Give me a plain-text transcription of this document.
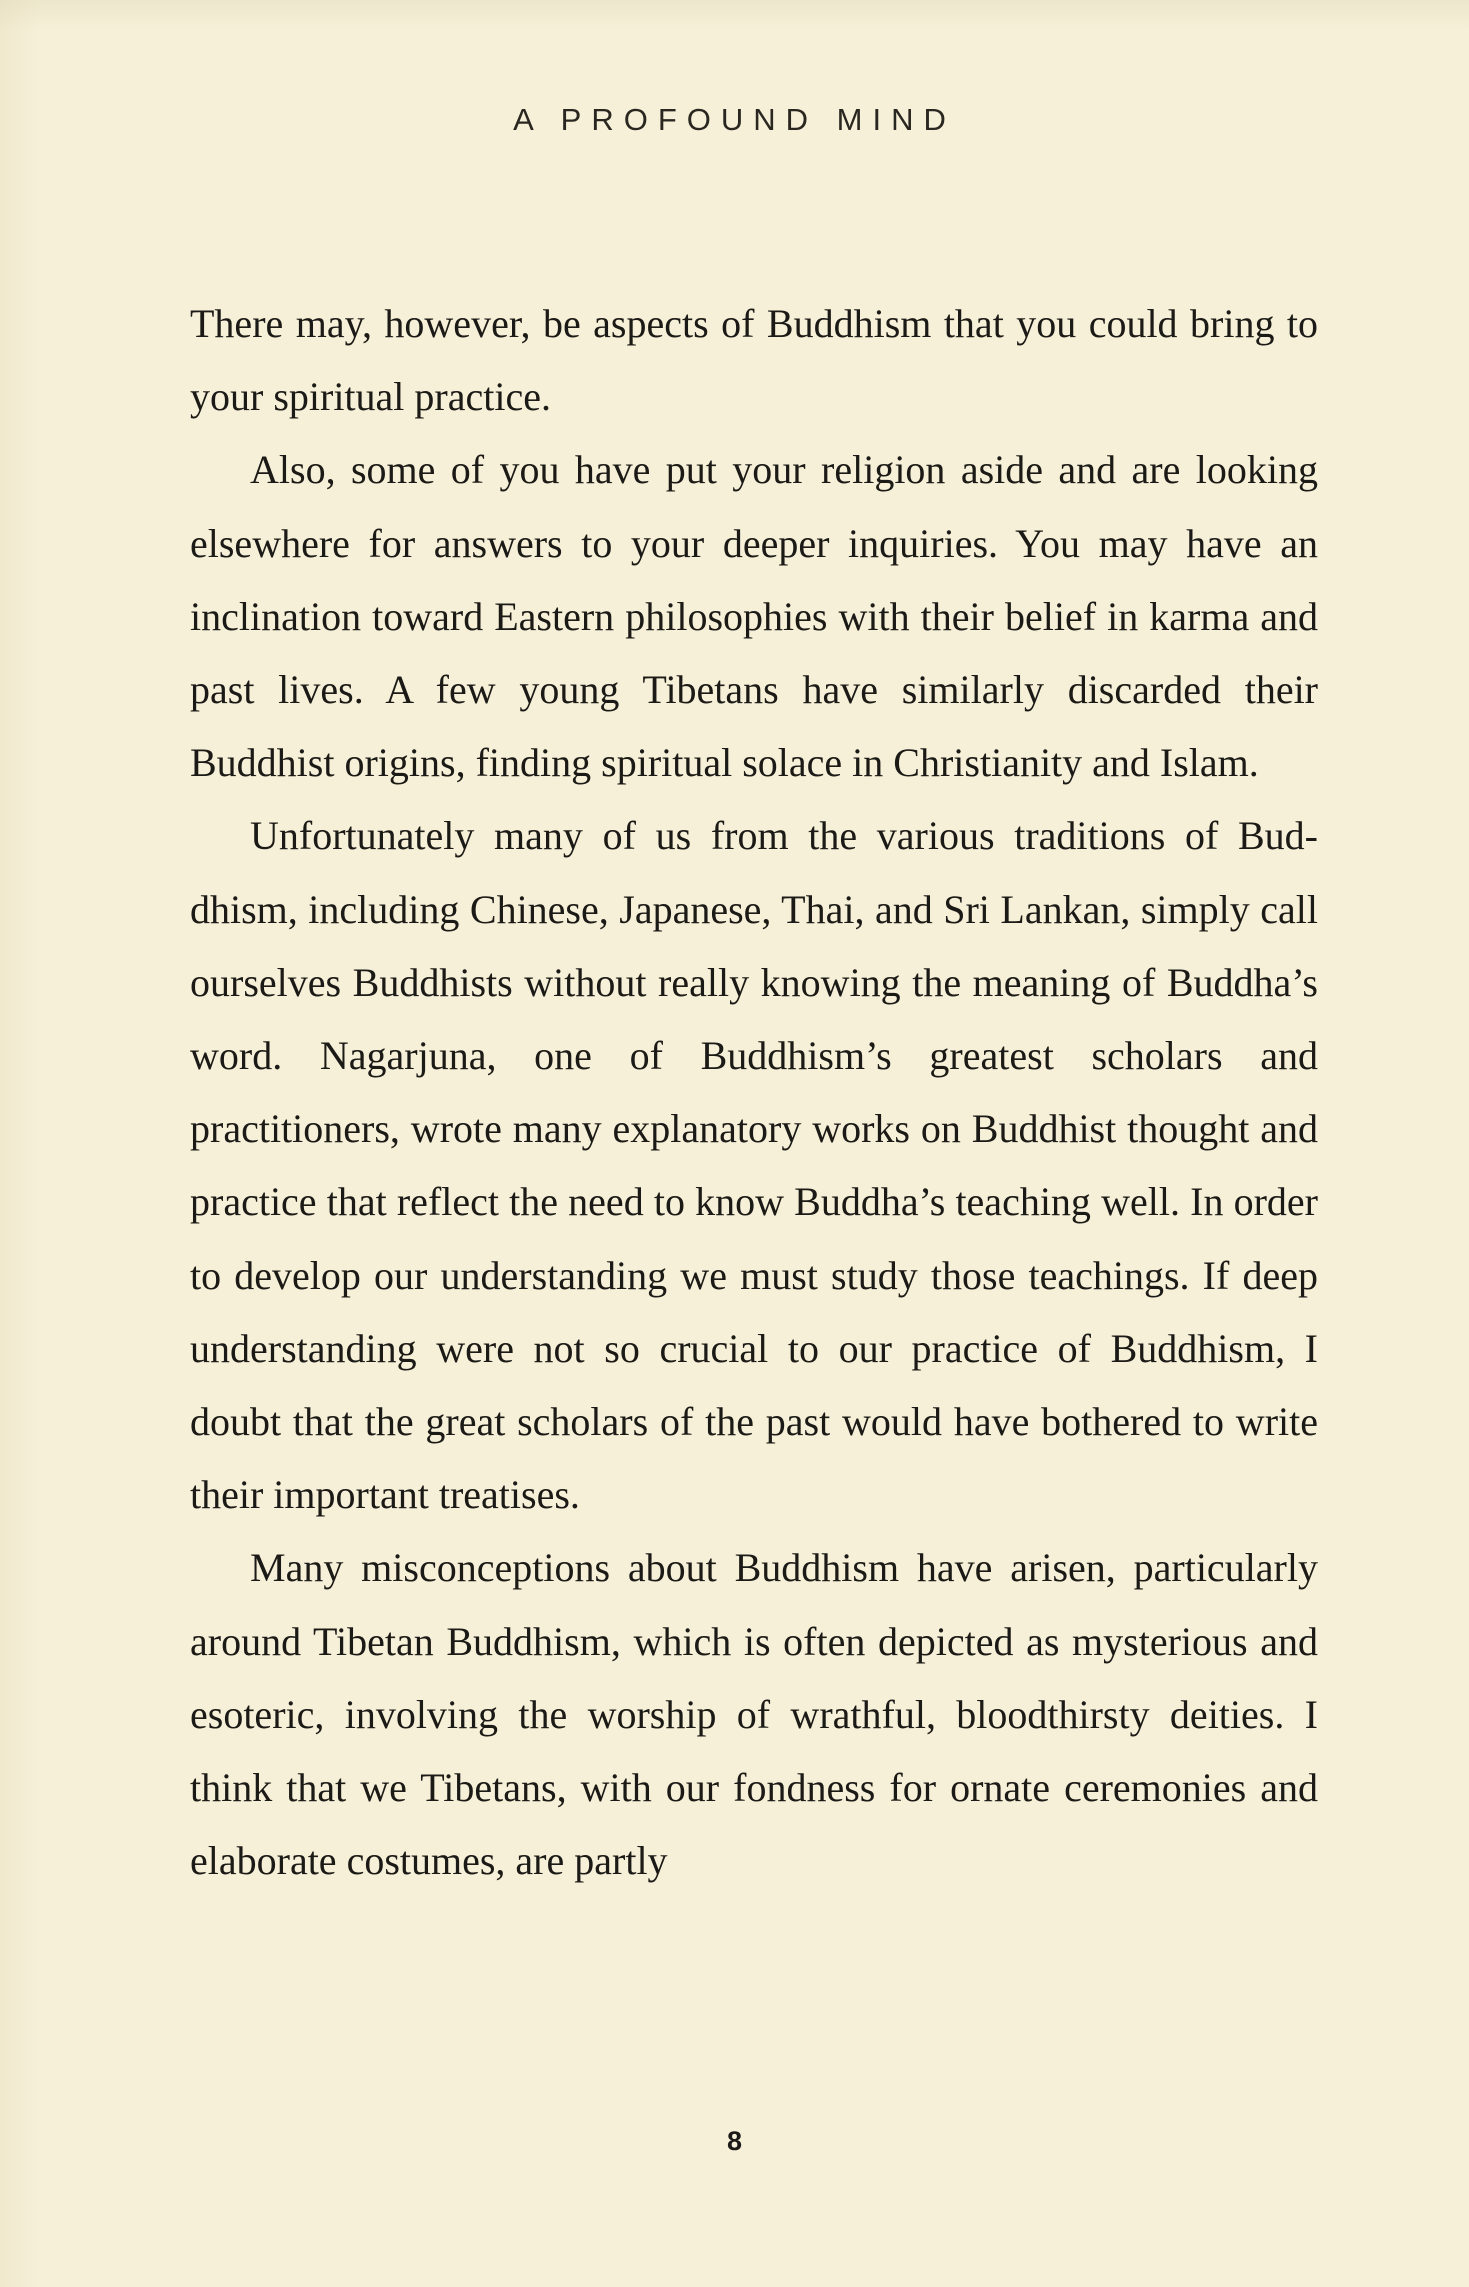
A PROFOUND MIND

There may, however, be aspects of Buddhism that you could bring to your spiritual practice.

Also, some of you have put your religion aside and are looking elsewhere for answers to your deeper inquiries. You may have an inclination toward Eastern philosophies with their belief in karma and past lives. A few young Tibetans have similarly discarded their Buddhist origins, finding spiritual solace in Christianity and Islam.

Unfortunately many of us from the various traditions of Buddhism, including Chinese, Japanese, Thai, and Sri Lankan, simply call ourselves Buddhists without really knowing the meaning of Buddha’s word. Nagarjuna, one of Buddhism’s greatest scholars and practitioners, wrote many explanatory works on Buddhist thought and practice that reflect the need to know Buddha’s teaching well. In order to develop our understanding we must study those teachings. If deep understanding were not so crucial to our practice of Buddhism, I doubt that the great scholars of the past would have bothered to write their important treatises.

Many misconceptions about Buddhism have arisen, particularly around Tibetan Buddhism, which is often depicted as mysterious and esoteric, involving the worship of wrathful, bloodthirsty deities. I think that we Tibetans, with our fondness for ornate ceremonies and elaborate costumes, are partly

8
